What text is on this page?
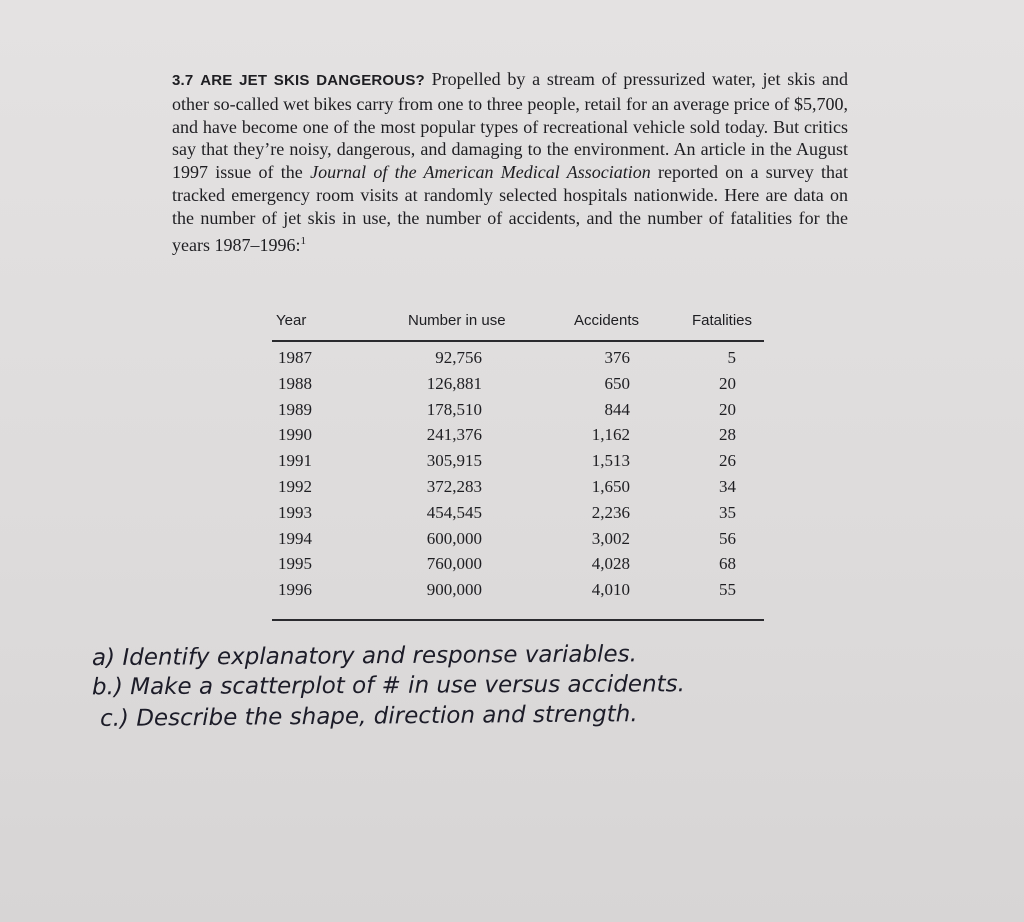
3.7 ARE JET SKIS DANGEROUS? Propelled by a stream of pressurized water, jet skis and other so-called wet bikes carry from one to three people, retail for an average price of $5,700, and have become one of the most popular types of recreational vehicle sold today. But critics say that they’re noisy, dangerous, and damaging to the environment. An article in the August 1997 issue of the Journal of the American Medical Association reported on a survey that tracked emergency room visits at randomly selected hospitals nationwide. Here are data on the number of jet skis in use, the number of accidents, and the number of fatalities for the years 1987–1996:$^1$

Year	Number in use	Accidents	Fatalities
1987	92,756	376	5
1988	126,881	650	20
1989	178,510	844	20
1990	241,376	1,162	28
1991	305,915	1,513	26
1992	372,283	1,650	34
1993	454,545	2,236	35
1994	600,000	3,002	56
1995	760,000	4,028	68
1996	900,000	4,010	55
a) Identify explanatory and response variables.
b.) Make a scatterplot of # in use versus accidents.
c.) Describe the shape, direction and strength.
